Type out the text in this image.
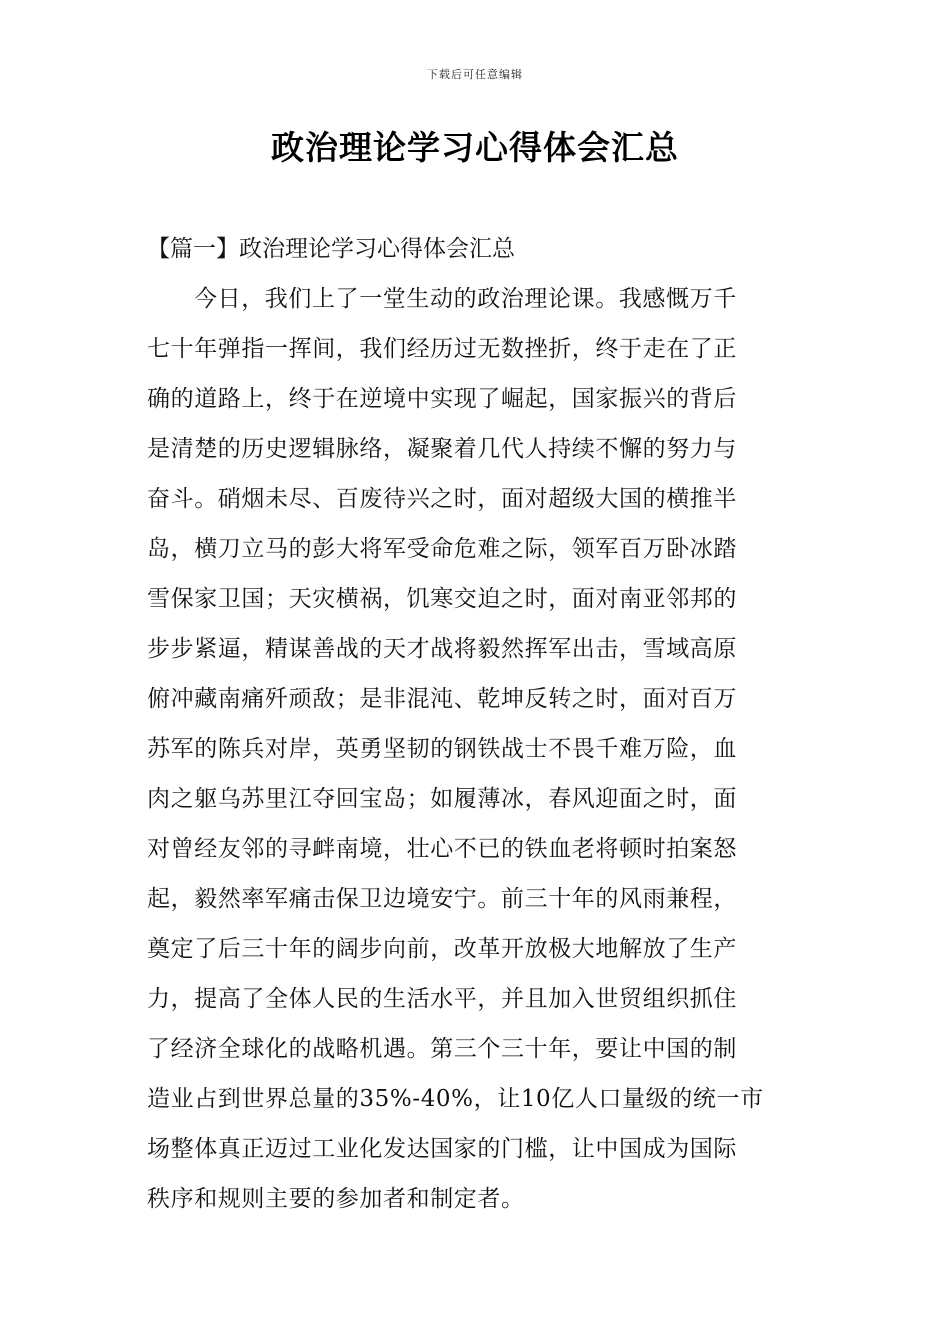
下载后可任意编辑
政治理论学习心得体会汇总
【篇一】政治理论学习心得体会汇总
今日，我们上了一堂生动的政治理论课。我感慨万千
七十年弹指一挥间，我们经历过无数挫折，终于走在了正
确的道路上，终于在逆境中实现了崛起，国家振兴的背后
是清楚的历史逻辑脉络，凝聚着几代人持续不懈的努力与
奋斗。硝烟未尽、百废待兴之时，面对超级大国的横推半
岛，横刀立马的彭大将军受命危难之际，领军百万卧冰踏
雪保家卫国；天灾横祸，饥寒交迫之时，面对南亚邻邦的
步步紧逼，精谋善战的天才战将毅然挥军出击，雪域高原
俯冲藏南痛歼顽敌；是非混沌、乾坤反转之时，面对百万
苏军的陈兵对岸，英勇坚韧的钢铁战士不畏千难万险，血
肉之躯乌苏里江夺回宝岛；如履薄冰，春风迎面之时，面
对曾经友邻的寻衅南境，壮心不已的铁血老将顿时拍案怒
起，毅然率军痛击保卫边境安宁。前三十年的风雨兼程，
奠定了后三十年的阔步向前，改革开放极大地解放了生产
力，提高了全体人民的生活水平，并且加入世贸组织抓住
了经济全球化的战略机遇。第三个三十年，要让中国的制
造业占到世界总量的35%-40%，让10亿人口量级的统一市
场整体真正迈过工业化发达国家的门槛，让中国成为国际
秩序和规则主要的参加者和制定者。
